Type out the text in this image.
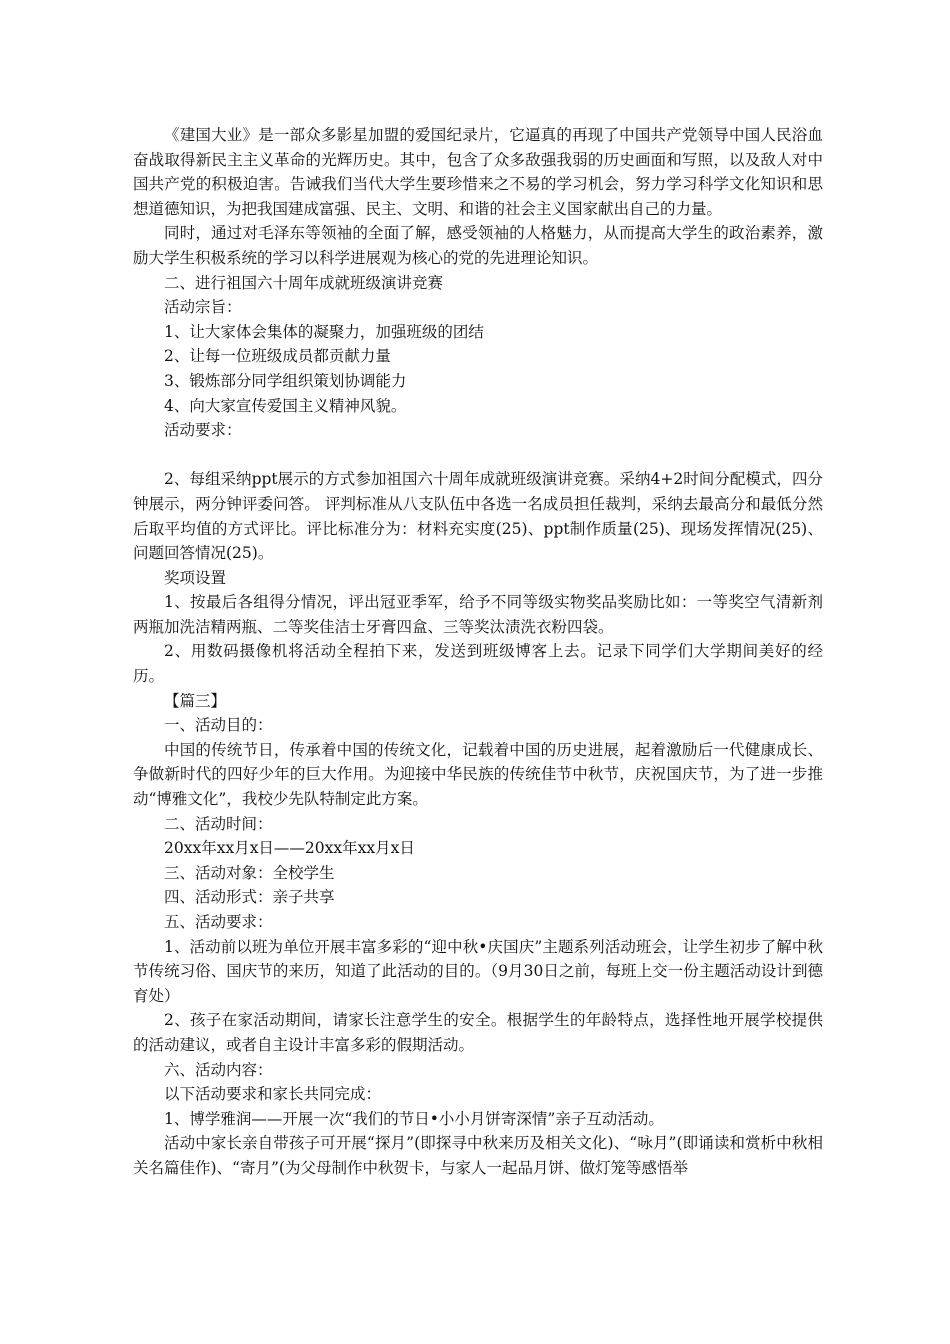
《建国大业》是一部众多影星加盟的爱国纪录片，它逼真的再现了中国共产党领导中国人民浴血奋战取得新民主主义革命的光辉历史。其中，包含了众多敌强我弱的历史画面和写照，以及敌人对中国共产党的积极迫害。告诫我们当代大学生要珍惜来之不易的学习机会，努力学习科学文化知识和思想道德知识，为把我国建成富强、民主、文明、和谐的社会主义国家献出自己的力量。

同时，通过对毛泽东等领袖的全面了解，感受领袖的人格魅力，从而提高大学生的政治素养，激励大学生积极系统的学习以科学进展观为核心的党的先进理论知识。

二、进行祖国六十周年成就班级演讲竞赛

活动宗旨：

1、让大家体会集体的凝聚力，加强班级的团结

2、让每一位班级成员都贡献力量

3、锻炼部分同学组织策划协调能力

4、向大家宣传爱国主义精神风貌。

活动要求：

2、每组采纳ppt展示的方式参加祖国六十周年成就班级演讲竞赛。采纳4+2时间分配模式，四分钟展示，两分钟评委问答。 评判标准从八支队伍中各选一名成员担任裁判，采纳去最高分和最低分然后取平均值的方式评比。评比标准分为：材料充实度(25)、ppt制作质量(25)、现场发挥情况(25)、问题回答情况(25)。

奖项设置

1、按最后各组得分情况，评出冠亚季军，给予不同等级实物奖品奖励比如：一等奖空气清新剂两瓶加洗洁精两瓶、二等奖佳洁士牙膏四盒、三等奖汰渍洗衣粉四袋。

2、用数码摄像机将活动全程拍下来，发送到班级博客上去。记录下同学们大学期间美好的经历。

【篇三】

一、活动目的：

中国的传统节日，传承着中国的传统文化，记载着中国的历史进展，起着激励后一代健康成长、争做新时代的四好少年的巨大作用。为迎接中华民族的传统佳节中秋节，庆祝国庆节，为了进一步推动“博雅文化”，我校少先队特制定此方案。

二、活动时间：

20xx年xx月x日——20xx年xx月x日

三、活动对象：全校学生

四、活动形式：亲子共享

五、活动要求：

1、活动前以班为单位开展丰富多彩的“迎中秋•庆国庆”主题系列活动班会，让学生初步了解中秋节传统习俗、国庆节的来历，知道了此活动的目的。（9月30日之前，每班上交一份主题活动设计到德育处）

2、孩子在家活动期间，请家长注意学生的安全。根据学生的年龄特点，选择性地开展学校提供的活动建议，或者自主设计丰富多彩的假期活动。

六、活动内容：

以下活动要求和家长共同完成：

1、博学雅润——开展一次“我们的节日•小小月饼寄深情”亲子互动活动。

活动中家长亲自带孩子可开展“探月”(即探寻中秋来历及相关文化)、“咏月”(即诵读和赏析中秋相关名篇佳作)、“寄月”(为父母制作中秋贺卡，与家人一起品月饼、做灯笼等感悟举
